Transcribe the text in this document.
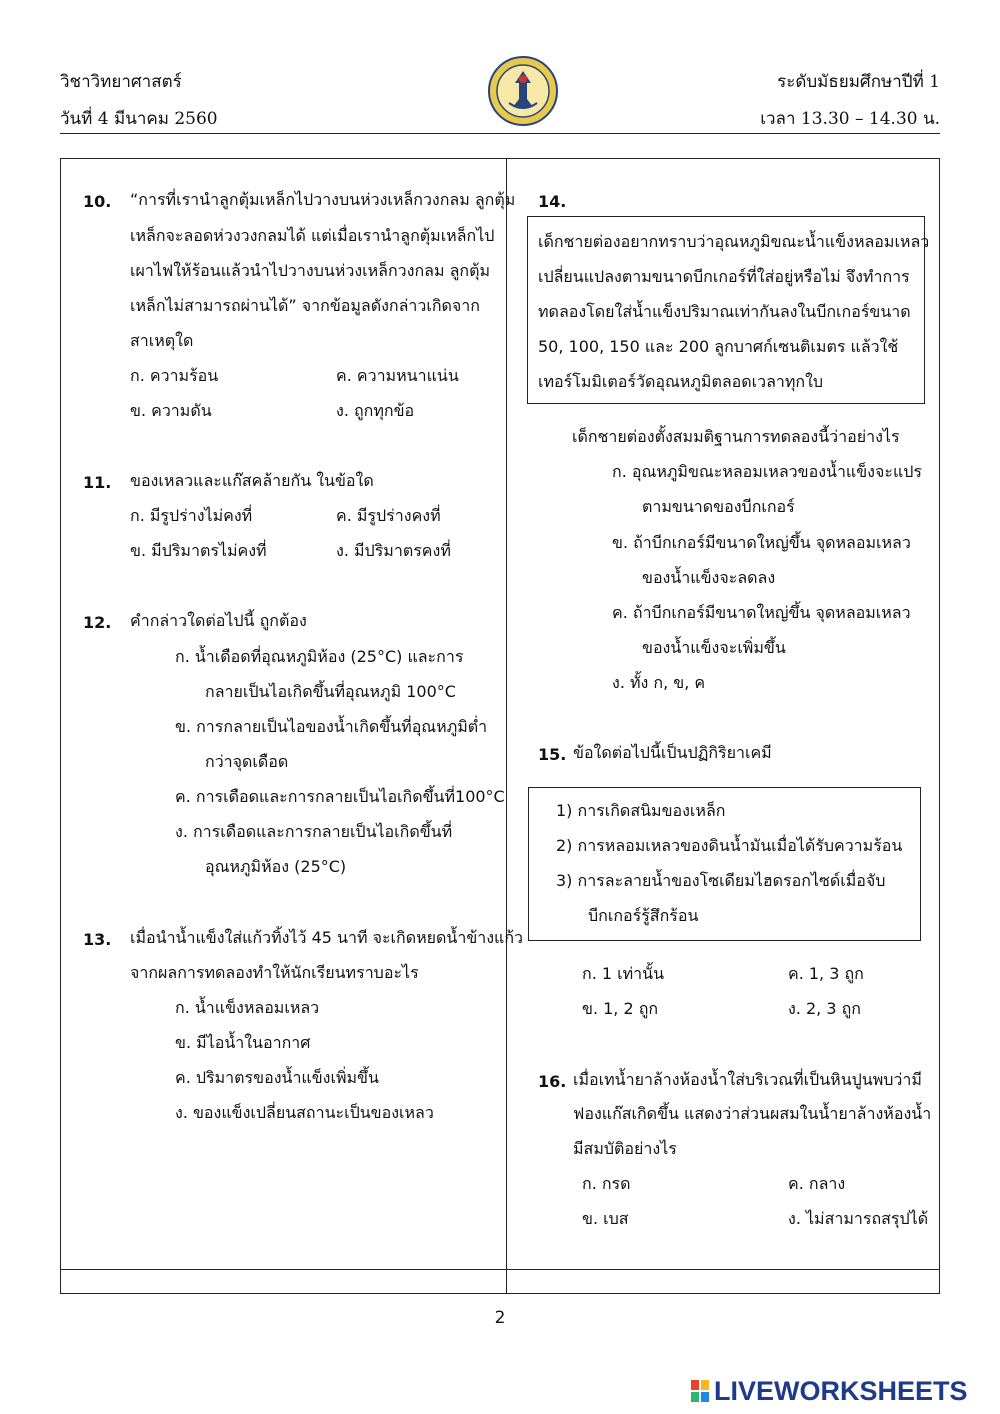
วิชาวิทยาศาสตร์
วันที่ 4 มีนาคม 2560
ระดับมัธยมศึกษาปีที่ 1
เวลา 13.30 – 14.30 น.
10. “การที่เรานำลูกตุ้มเหล็กไปวางบนห่วงเหล็กวงกลม ลูกตุ้ม
เหล็กจะลอดห่วงวงกลมได้ แต่เมื่อเรานำลูกตุ้มเหล็กไป
เผาไฟให้ร้อนแล้วนำไปวางบนห่วงเหล็กวงกลม ลูกตุ้ม
เหล็กไม่สามารถผ่านได้” จากข้อมูลดังกล่าวเกิดจาก
สาเหตุใด
ก. ความร้อน	ค. ความหนาแน่น
ข. ความดัน	ง. ถูกทุกข้อ
11. ของเหลวและแก๊สคล้ายกัน ในข้อใด
ก. มีรูปร่างไม่คงที่	ค. มีรูปร่างคงที่
ข. มีปริมาตรไม่คงที่	ง. มีปริมาตรคงที่
12. คำกล่าวใดต่อไปนี้ ถูกต้อง
ก. น้ำเดือดที่อุณหภูมิห้อง (25°C) และการ
กลายเป็นไอเกิดขึ้นที่อุณหภูมิ 100°C
ข. การกลายเป็นไอของน้ำเกิดขึ้นที่อุณหภูมิต่ำ
กว่าจุดเดือด
ค. การเดือดและการกลายเป็นไอเกิดขึ้นที่100°C
ง. การเดือดและการกลายเป็นไอเกิดขึ้นที่
อุณหภูมิห้อง (25°C)
13. เมื่อนำน้ำแข็งใส่แก้วทิ้งไว้ 45 นาที จะเกิดหยดน้ำข้างแก้ว
จากผลการทดลองทำให้นักเรียนทราบอะไร
ก. น้ำแข็งหลอมเหลว
ข. มีไอน้ำในอากาศ
ค. ปริมาตรของน้ำแข็งเพิ่มขึ้น
ง. ของแข็งเปลี่ยนสถานะเป็นของเหลว
14.
เด็กชายต่องอยากทราบว่าอุณหภูมิขณะน้ำแข็งหลอมเหลว
เปลี่ยนแปลงตามขนาดบีกเกอร์ที่ใส่อยู่หรือไม่ จึงทำการ
ทดลองโดยใส่น้ำแข็งปริมาณเท่ากันลงในบีกเกอร์ขนาด
50, 100, 150 และ 200 ลูกบาศก์เซนติเมตร แล้วใช้
เทอร์โมมิเตอร์วัดอุณหภูมิตลอดเวลาทุกใบ
เด็กชายต่องตั้งสมมติฐานการทดลองนี้ว่าอย่างไร
ก. อุณหภูมิขณะหลอมเหลวของน้ำแข็งจะแปร
ตามขนาดของบีกเกอร์
ข. ถ้าบีกเกอร์มีขนาดใหญ่ขึ้น จุดหลอมเหลว
ของน้ำแข็งจะลดลง
ค. ถ้าบีกเกอร์มีขนาดใหญ่ขึ้น จุดหลอมเหลว
ของน้ำแข็งจะเพิ่มขึ้น
ง. ทั้ง ก, ข, ค
15. ข้อใดต่อไปนี้เป็นปฏิกิริยาเคมี
1) การเกิดสนิมของเหล็ก
2) การหลอมเหลวของดินน้ำมันเมื่อได้รับความร้อน
3) การละลายน้ำของโซเดียมไฮดรอกไซด์เมื่อจับ
บีกเกอร์รู้สึกร้อน
ก. 1 เท่านั้น	ค. 1, 3 ถูก
ข. 1, 2 ถูก	ง. 2, 3 ถูก
16. เมื่อเทน้ำยาล้างห้องน้ำใส่บริเวณที่เป็นหินปูนพบว่ามี
ฟองแก๊สเกิดขึ้น แสดงว่าส่วนผสมในน้ำยาล้างห้องน้ำ
มีสมบัติอย่างไร
ก. กรด	ค. กลาง
ข. เบส	ง. ไม่สามารถสรุปได้
2
LIVEWORKSHEETS
